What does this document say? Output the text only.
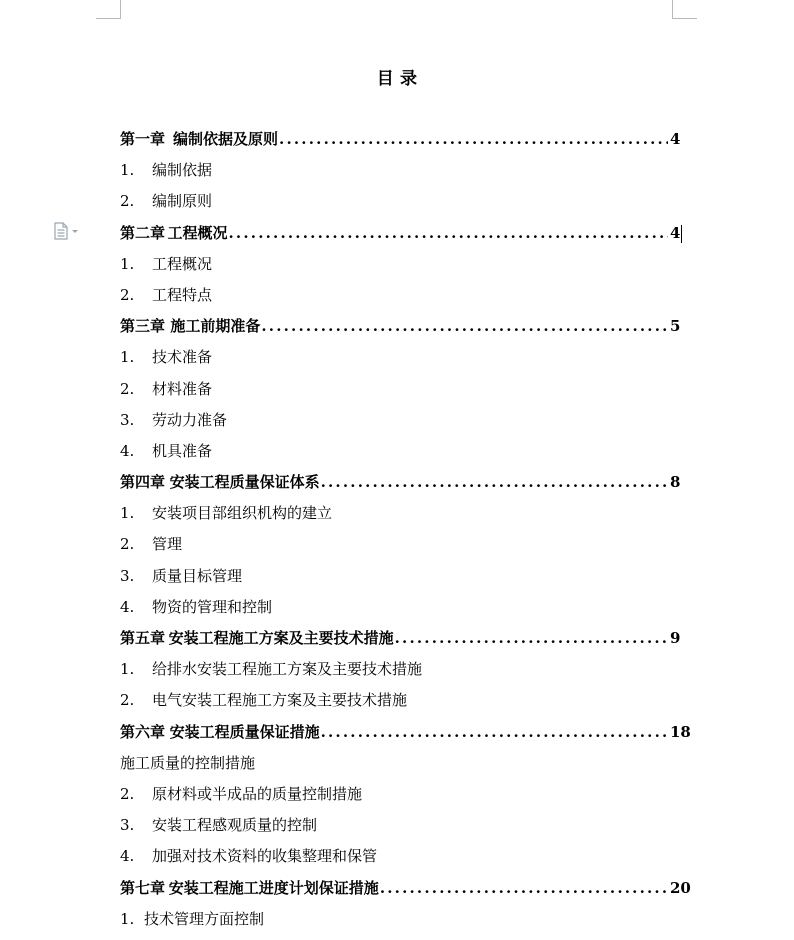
目 录
第一章 编制依据及原则 .....	4
1. 编制依据
2. 编制原则
第二章 工程概况 .....	4
1. 工程概况
2. 工程特点
第三章 施工前期准备 .....	5
1. 技术准备
2. 材料准备
3. 劳动力准备
4. 机具准备
第四章 安装工程质量保证体系 .....	8
1. 安装项目部组织机构的建立
2. 管理
3. 质量目标管理
4. 物资的管理和控制
第五章 安装工程施工方案及主要技术措施 .....	9
1. 给排水安装工程施工方案及主要技术措施
2. 电气安装工程施工方案及主要技术措施
第六章 安装工程质量保证措施 .....	18
施工质量的控制措施
2. 原材料或半成品的质量控制措施
3. 安装工程感观质量的控制
4. 加强对技术资料的收集整理和保管
第七章 安装工程施工进度计划保证措施 .....	20
1. 技术管理方面控制
